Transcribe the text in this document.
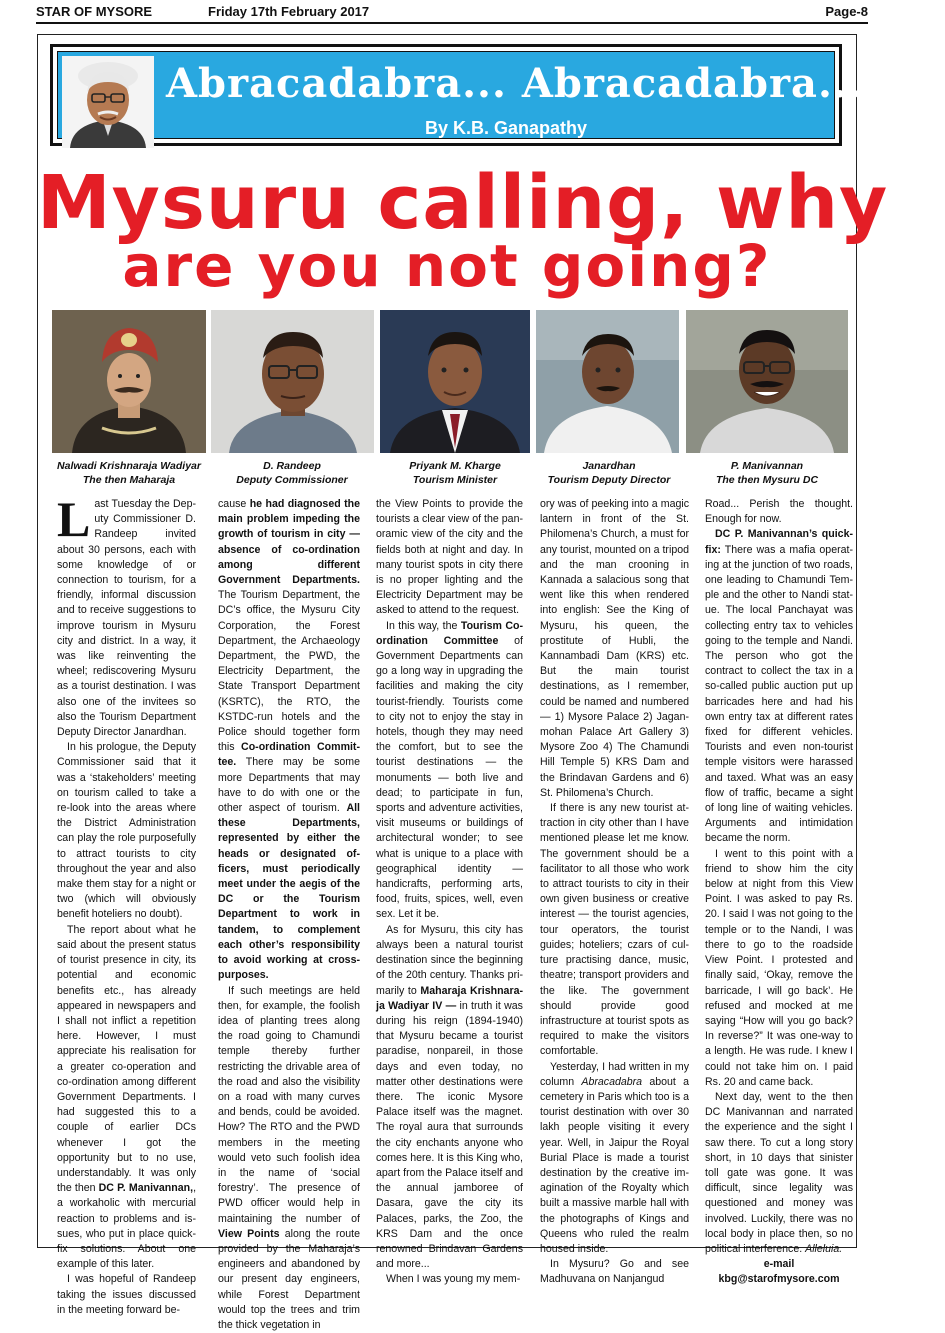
STAR OF MYSORE	Friday 17th February 2017	Page-8
Abracadabra... Abracadabra...
By K.B. Ganapathy
Mysuru calling, why
are you not going?
Nalwadi Krishnaraja Wadiyar
The then Maharaja
D. Randeep
Deputy Commissioner
Priyank M. Kharge
Tourism Minister
Janardhan
Tourism Deputy Director
P. Manivannan
The then Mysuru DC

Last Tuesday the Deputy Commissioner D. Randeep invited about 30 persons, each with some knowledge of or connection to tourism, for a friendly, informal discussion and to receive suggestions to improve tourism in Mysuru city and district. In a way, it was like reinventing the wheel; rediscovering Mysuru as a tourist destination. I was also one of the invitees so also the Tourism Department Deputy Director Janardhan.

In his prologue, the Deputy Commissioner said that it was a ‘stakeholders’ meeting on tourism called to take a re-look into the areas where the District Administration can play the role purposefully to attract tourists to city throughout the year and also make them stay for a night or two (which will obviously benefit hoteliers no doubt).

The report about what he said about the present status of tourist presence in city, its potential and economic benefits etc., has already appeared in newspapers and I shall not inflict a repetition here. However, I must appreciate his realisation for a greater co-operation and co-ordination among different Government Departments. I had suggested this to a couple of earlier DCs whenever I got the opportunity but to no use, understandably. It was only the then DC P. Manivannan,, a workaholic with mercurial reaction to problems and issues, who put in place quick-fix solutions. About one example of this later.

I was hopeful of Randeep taking the issues discussed in the meeting forward be-

cause he had diagnosed the main problem impeding the growth of tourism in city — absence of co-ordination among different Government Departments. The Tourism Department, the DC’s office, the Mysuru City Corporation, the Forest Department, the Archaeology Department, the PWD, the Electricity Department, the State Transport Department (KSRTC), the RTO, the KSTDC-run hotels and the Police should together form this Co-ordination Committee. There may be some more Departments that may have to do with one or the other aspect of tourism. All these Departments, represented by either the heads or designated officers, must periodically meet under the aegis of the DC or the Tourism Department to work in tandem, to complement each other’s responsibility to avoid working at cross-purposes.

If such meetings are held then, for example, the foolish idea of planting trees along the road going to Chamundi temple thereby further restricting the drivable area of the road and also the visibility on a road with many curves and bends, could be avoided. How? The RTO and the PWD members in the meeting would veto such foolish idea in the name of ‘social forestry’. The presence of PWD officer would help in maintaining the number of View Points along the route provided by the Maharaja’s engineers and abandoned by our present day engineers, while Forest Department would top the trees and trim the thick vegetation in

the View Points to provide the tourists a clear view of the panoramic view of the city and the fields both at night and day. In many tourist spots in city there is no proper lighting and the Electricity Department may be asked to attend to the request.

In this way, the Tourism Co-ordination Committee of Government Departments can go a long way in upgrading the facilities and making the city tourist-friendly. Tourists come to city not to enjoy the stay in hotels, though they may need the comfort, but to see the tourist destinations — the monuments — both live and dead; to participate in fun, sports and adventure activities, visit museums or buildings of architectural wonder; to see what is unique to a place with geographical identity — handicrafts, performing arts, food, fruits, spices, well, even sex. Let it be.

As for Mysuru, this city has always been a natural tourist destination since the beginning of the 20th century. Thanks primarily to Maharaja Krishnaraja Wadiyar IV — in truth it was during his reign (1894-1940) that Mysuru became a tourist paradise, nonpareil, in those days and even today, no matter other destinations were there. The iconic Mysore Palace itself was the magnet. The royal aura that surrounds the city enchants anyone who comes here. It is this King who, apart from the Palace itself and the annual jamboree of Dasara, gave the city its Palaces, parks, the Zoo, the KRS Dam and the once renowned Brindavan Gardens and more...

When I was young my mem-

ory was of peeking into a magic lantern in front of the St. Philomena’s Church, a must for any tourist, mounted on a tripod and the man crooning in Kannada a salacious song that went like this when rendered into english: See the King of Mysuru, his queen, the prostitute of Hubli, the Kannambadi Dam (KRS) etc. But the main tourist destinations, as I remember, could be named and numbered — 1) Mysore Palace 2) Jaganmohan Palace Art Gallery 3) Mysore Zoo 4) The Chamundi Hill Temple 5) KRS Dam and the Brindavan Gardens and 6) St. Philomena’s Church.

If there is any new tourist attraction in city other than I have mentioned please let me know. The government should be a facilitator to all those who work to attract tourists to city in their own given business or creative interest — the tourist agencies, tour operators, the tourist guides; hoteliers; czars of culture practising dance, music, theatre; transport providers and the like. The government should provide good infrastructure at tourist spots as required to make the visitors comfortable.

Yesterday, I had written in my column Abracadabra about a cemetery in Paris which too is a tourist destination with over 30 lakh people visiting it every year. Well, in Jaipur the Royal Burial Place is made a tourist destination by the creative imagination of the Royalty which built a massive marble hall with the photographs of Kings and Queens who ruled the realm housed inside.

In Mysuru? Go and see Madhuvana on Nanjangud

Road... Perish the thought. Enough for now.

DC P. Manivannan’s quick-fix: There was a mafia operating at the junction of two roads, one leading to Chamundi Temple and the other to Nandi statue. The local Panchayat was collecting entry tax to vehicles going to the temple and Nandi. The person who got the contract to collect the tax in a so-called public auction put up barricades here and had his own entry tax at different rates fixed for different vehicles. Tourists and even non-tourist temple visitors were harassed and taxed. What was an easy flow of traffic, became a sight of long line of waiting vehicles. Arguments and intimidation became the norm.

I went to this point with a friend to show him the city below at night from this View Point. I was asked to pay Rs. 20. I said I was not going to the temple or to the Nandi, I was there to go to the roadside View Point. I protested and finally said, ‘Okay, remove the barricade, I will go back’. He refused and mocked at me saying “How will you go back? In reverse?” It was one-way to a length. He was rude. I knew I could not take him on. I paid Rs. 20 and came back.

Next day, went to the then DC Manivannan and narrated the experience and the sight I saw there. To cut a long story short, in 10 days that sinister toll gate was gone. It was difficult, since legality was questioned and money was involved. Luckily, there was no local body in place then, so no political interference. Alleluia.

e-mail
kbg@starofmysore.com
